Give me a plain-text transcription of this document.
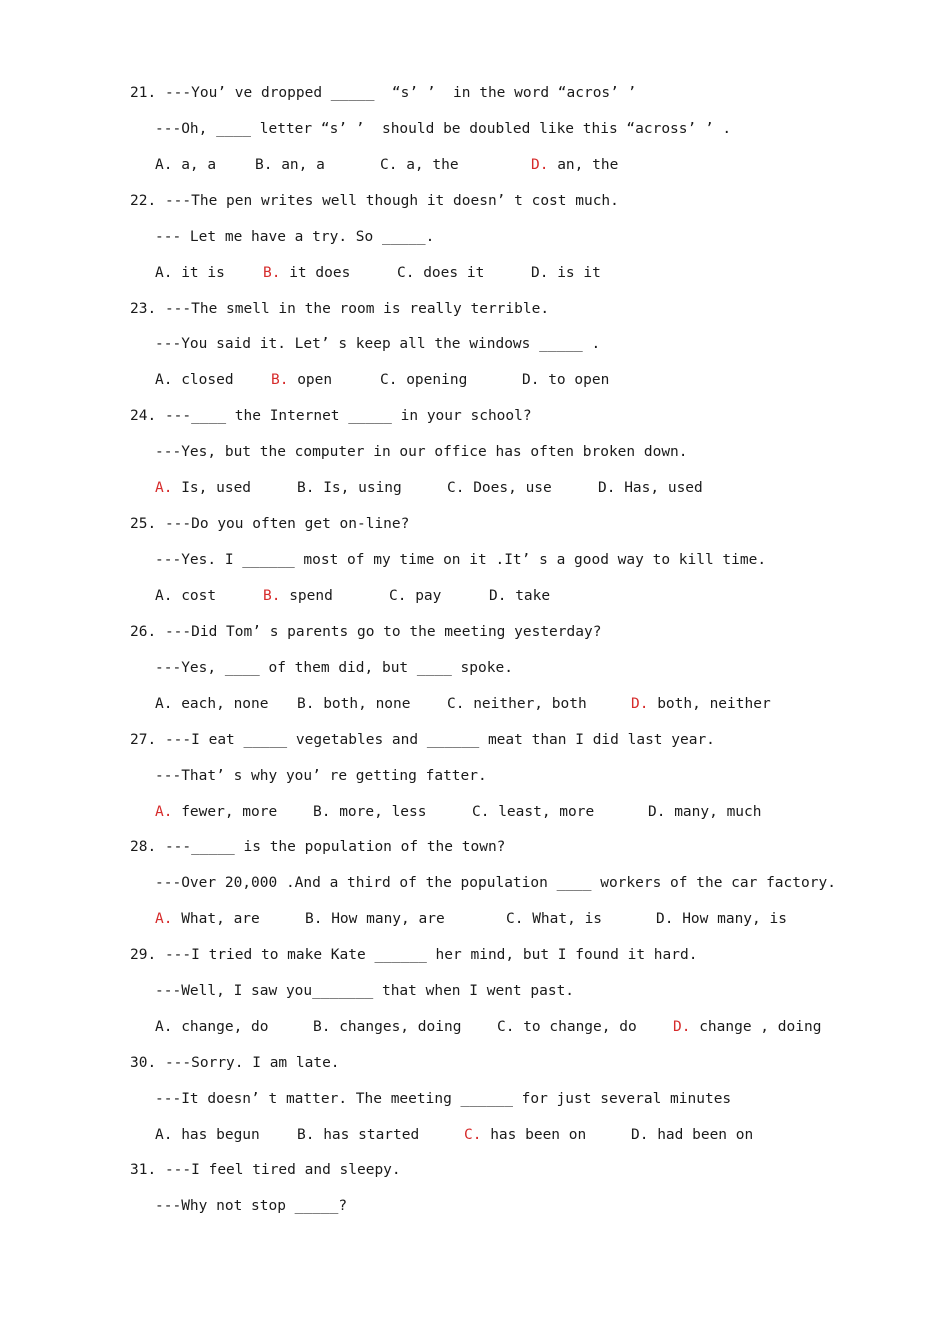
21. ---You’ ve dropped _____  “s’ ’  in the word “acros’ ’
---Oh, ____ letter “s’ ’  should be doubled like this “across’ ’ .
A. a, a	B. an, a	C. a, the	D. an, the
22. ---The pen writes well though it doesn’ t cost much.
--- Let me have a try. So _____.
A. it is	B. it does	C. does it	D. is it
23. ---The smell in the room is really terrible.
---You said it. Let’ s keep all the windows _____ .
A. closed	B. open	C. opening	D. to open
24. ---____ the Internet _____ in your school?
---Yes, but the computer in our office has often broken down.
A. Is, used	B. Is, using	C. Does, use	D. Has, used
25. ---Do you often get on-line?
---Yes. I ______ most of my time on it .It’ s a good way to kill time.
A. cost	B. spend	C. pay	D. take
26. ---Did Tom’ s parents go to the meeting yesterday?
---Yes, ____ of them did, but ____ spoke.
A. each, none B. both, none	C. neither, both	D. both, neither
27. ---I eat _____ vegetables and ______ meat than I did last year.
---That’ s why you’ re getting fatter.
A. fewer, more B. more, less	C. least, more	D. many, much
28. ---_____ is the population of the town?
---Over 20,000 .And a third of the population ____ workers of the car factory.
A. What, are	B. How many, are	C. What, is	D. How many, is
29. ---I tried to make Kate ______ her mind, but I found it hard.
---Well, I saw you_______ that when I went past.
A. change, do	B. changes, doing C. to change, do	D. change , doing
30. ---Sorry. I am late.
---It doesn’ t matter. The meeting ______ for just several minutes
A. has begun	B. has started	C. has been on	D. had been on
31. ---I feel tired and sleepy.
---Why not stop _____?
